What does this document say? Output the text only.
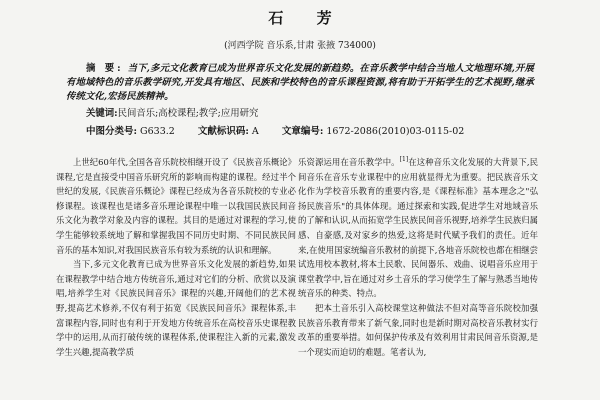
石 芳
(河西学院 音乐系,甘肃 张掖 734000)
摘 要: 当下,多元文化教育已成为世界音乐文化发展的新趋势。在音乐教学中结合当地人文地理环境,开展有地域特色的音乐教学研究,开发具有地区、民族和学校特色的音乐课程资源,将有助于开拓学生的艺术视野,继承传统文化,宏扬民族精神。
关键词:民间音乐;高校课程;教学;应用研究
中图分类号: G633.2 文献标识码: A 文章编号: 1672-2086(2010)03-0115-02

上世纪60年代,全国各音乐院校相继开设了《民族音乐概论》课程,它是直接受中国音乐研究所的影响而构建的课程。经过半个世纪的发展,《民族音乐概论》课程已经成为各音乐院校的专业必修课程。该课程也是诸多音乐理论课程中唯一以我国民族民间音乐文化为教学对象及内容的课程。其目的是通过对课程的学习,使学生能够较系统地了解和掌握我国不同历史时期、不同民族民间音乐的基本知识,对我国民族音乐有较为系统的认识和理解。

当下,多元文化教育已成为世界音乐文化发展的新趋势,如果在课程教学中结合地方传统音乐,通过对它们的分析、欣赏以及演唱,培养学生对《民族民间音乐》课程的兴趣,开阔他们的艺术视野,提高艺术修养,不仅有利于拓宽《民族民间音乐》课程体系,丰富课程内容,同时也有利于开发地方传统音乐在高校音乐史课程教学中的运用,从而打破传统的课程体系,使课程注入新的元素,激发学生兴趣,提高教学质

乐资源运用在音乐教学中。[1]在这种音乐文化发展的大背景下,民间音乐在音乐专业课程中的应用就显得尤为重要。把民族音乐文化作为学校音乐教育的重要内容,是《课程标准》基本理念之"弘扬民族音乐"的具体体现。通过探索和实践,促进学生对地域音乐的了解和认识,从而拓宽学生民族民间音乐视野,培养学生民族归属感、自豪感,及对家乡的热爱,这将是时代赋予我们的责任。近年来,在使用国家统编音乐教材的前提下,各地音乐院校也都在相继尝试选用校本教材,将本土民歌、民间器乐、戏曲、说唱音乐应用于课堂教学中,旨在通过对乡土音乐的学习使学生了解与熟悉当地传统音乐的种类、特点。

把本土音乐引入高校课堂这种做法不但对高等音乐院校加强民族音乐教育带来了新气象,同时也是新时期对高校音乐教材实行改革的重要举措。如何保护传承及有效利用甘肃民间音乐资源,是一个现实而迫切的难题。笔者认为,
